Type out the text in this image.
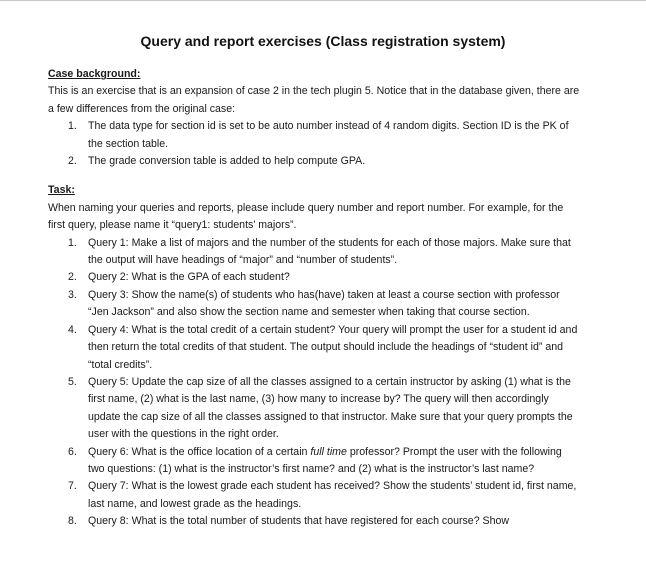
Query and report exercises (Class registration system)
Case background:

This is an exercise that is an expansion of case 2 in the tech plugin 5. Notice that in the database given, there are a few differences from the original case:

1. The data type for section id is set to be auto number instead of 4 random digits. Section ID is the PK of the section table.
2. The grade conversion table is added to help compute GPA.
Task:

When naming your queries and reports, please include query number and report number. For example, for the first query, please name it “query1: students’ majors”.

1. Query 1: Make a list of majors and the number of the students for each of those majors. Make sure that the output will have headings of “major” and “number of students”.
2. Query 2: What is the GPA of each student?
3. Query 3: Show the name(s) of students who has(have) taken at least a course section with professor “Jen Jackson” and also show the section name and semester when taking that course section.
4. Query 4: What is the total credit of a certain student? Your query will prompt the user for a student id and then return the total credits of that student. The output should include the headings of “student id” and “total credits”.
5. Query 5: Update the cap size of all the classes assigned to a certain instructor by asking (1) what is the first name, (2) what is the last name, (3) how many to increase by? The query will then accordingly update the cap size of all the classes assigned to that instructor. Make sure that your query prompts the user with the questions in the right order.
6. Query 6: What is the office location of a certain full time professor? Prompt the user with the following two questions: (1) what is the instructor’s first name? and (2) what is the instructor’s last name?
7. Query 7: What is the lowest grade each student has received? Show the students’ student id, first name, last name, and lowest grade as the headings.
8. Query 8: What is the total number of students that have registered for each course? Show
